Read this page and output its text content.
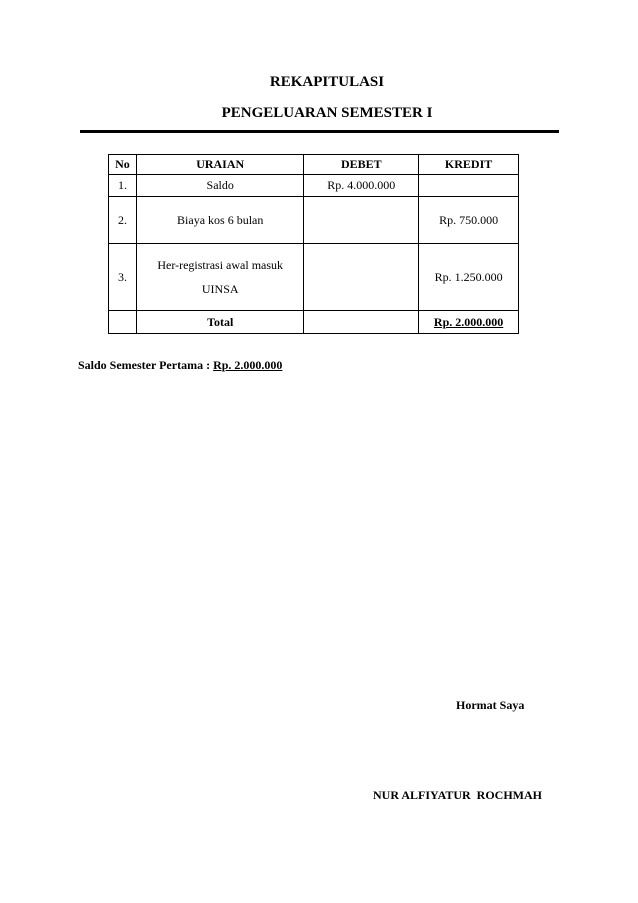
REKAPITULASI
PENGELUARAN SEMESTER I
No	URAIAN	DEBET	KREDIT
1.	Saldo	Rp. 4.000.000	
2.	Biaya kos 6 bulan		Rp. 750.000
3.	Her-registrasi awal masuk
UINSA		Rp. 1.250.000
	Total		Rp. 2.000.000
Saldo Semester Pertama : Rp. 2.000.000
Hormat Saya
NUR ALFIYATUR  ROCHMAH
